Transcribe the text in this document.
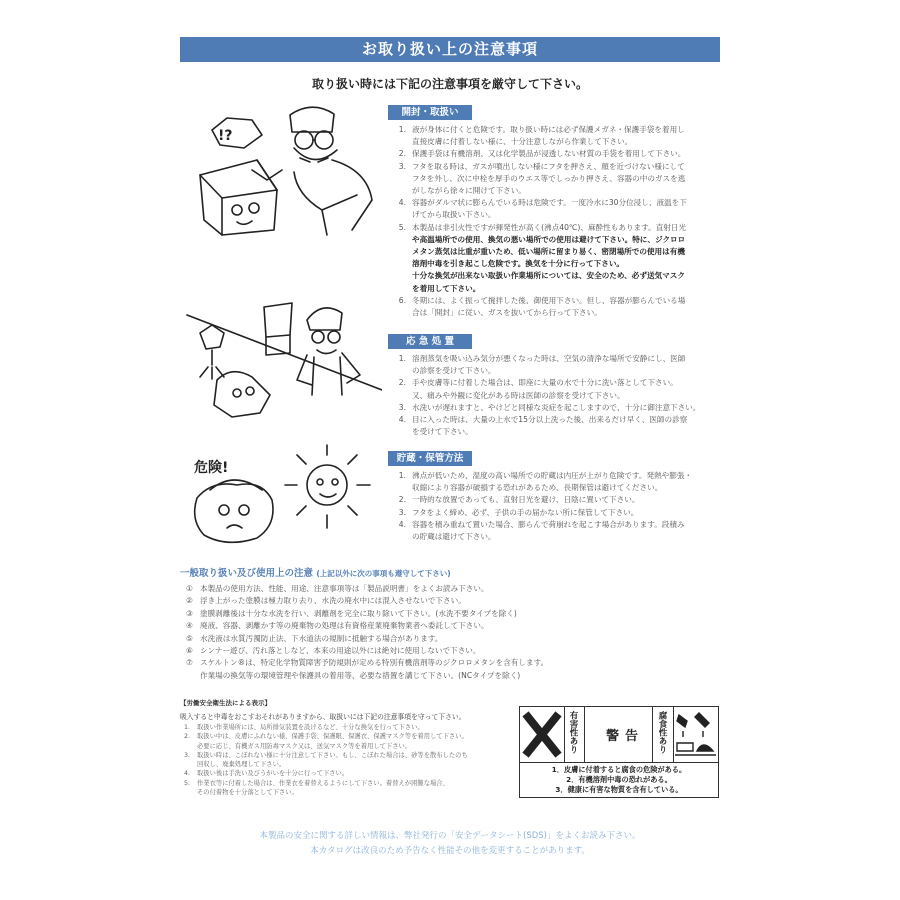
お取り扱い上の注意事項
取り扱い時には下記の注意事項を厳守して下さい。
!?
危険!
開封・取扱い
1. 液が身体に付くと危険です。取り扱い時には必ず保護メガネ・保護手袋を着用し
直接皮膚に付着しない様に、十分注意しながら作業して下さい。
2. 保護手袋は有機溶剤、又は化学製品が浸透しない材質の手袋を着用して下さい。
3. フタを取る時は、ガスが噴出しない様にフタを押さえ、顔を近づけない様にして
フタを外し、次に中栓を厚手のウエス等でしっかり押さえ、容器の中のガスを逃
がしながら徐々に開けて下さい。
4. 容器がダルマ状に膨らんでいる時は危険です。一度冷水に30分位浸し、液温を下
げてから取扱い下さい。
5. 本製品は非引火性ですが揮発性が高く(沸点40℃)、麻酔性もあります。直射日光
や高温場所での使用、換気の悪い場所での使用は避けて下さい。特に、ジクロロ
メタン蒸気は比重が重いため、低い場所に留まり易く、密閉場所での使用は有機
溶剤中毒を引き起こし危険です。換気を十分に行って下さい。
十分な換気が出来ない取扱い作業場所については、安全のため、必ず送気マスク
を着用して下さい。
6. 冬期には、よく振って撹拌した後、御使用下さい。但し、容器が膨らんでいる場
合は「開封」に従い、ガスを抜いてから行って下さい。
応 急 処 置
1. 溶剤蒸気を吸い込み気分が悪くなった時は、空気の清浄な場所で安静にし、医師
の診察を受けて下さい。
2. 手や皮膚等に付着した場合は、即座に大量の水で十分に洗い落として下さい。
又、痛みや外観に変化がある時は医師の診察を受けて下さい。
3. 水洗いが遅れますと、やけどと同様な炎症を起こしますので、十分に御注意下さい。
4. 目に入った時は、大量の上水で15分以上洗った後、出来るだけ早く、医師の診察
を受けて下さい。
貯蔵・保管方法
1. 沸点が低いため、湿度の高い場所での貯蔵は内圧が上がり危険です。発熱や膨張・
収縮により容器が破損する恐れがあるため、長期保管は避けてください。
2. 一時的な放置であっても、直射日光を避け、日陰に置いて下さい。
3. フタをよく締め、必ず、子供の手の届かない所に保管して下さい。
4. 容器を積み重ねて置いた場合、膨らんで荷崩れを起こす場合があります。段積み
の貯蔵は避けて下さい。
一般取り扱い及び使用上の注意 (上記以外に次の事項も遵守して下さい)
① 本製品の使用方法、性能、用途、注意事項等は「製品説明書」をよくお読み下さい。
② 浮き上がった塗膜は極力取り去り、水洗の廃水中には混入させないで下さい。
③ 塗膜剥離後は十分な水洗を行い、剥離剤を完全に取り除いて下さい。(水洗不要タイプを除く)
④ 廃液、容器、剥離かす等の廃棄物の処理は有資格産業廃棄物業者へ委託して下さい。
⑤ 水洗液は水質汚濁防止法、下水道法の規制に抵触する場合があります。
⑥ シンナー遊び、汚れ落としなど、本来の用途以外には絶対に使用しないで下さい。
⑦ スケルトン®は、特定化学物質障害予防規則が定める特別有機溶剤等のジクロロメタンを含有します。
作業場の換気等の環境管理や保護具の着用等、必要な措置を講じて下さい。(NCタイプを除く)
【労働安全衛生法による表示】
吸入すると中毒をおこすおそれがありますから、取扱いには下記の注意事項を守って下さい。
1. 取扱い作業場所には、局所排気装置を設けるなど、十分な換気を行って下さい。
2. 取扱い中は、皮膚にふれない様、保護手袋、保護眼、保護衣、保護マスク等を着用して下さい。
必要に応じ、有機ガス用防毒マスク又は、送気マスク等を着用して下さい。
3. 取扱い時は、こぼれない様に十分注意して下さい。もし、こぼれた場合は、砂等を散布したのち
回収し、廃棄処理して下さい。
4. 取扱い後は手洗い及びうがいを十分に行って下さい。
5. 作業衣等に付着した場合は、作業衣を着替えるようにして下さい。着替えが困難な場合、
その付着物を十分落として下さい。
有害性あり 警告 腐食性あり
1．皮膚に付着すると腐食の危険がある。
2．有機溶剤中毒の恐れがある。
3．健康に有害な物質を含有している。
本製品の安全に関する詳しい情報は、弊社発行の「安全データシート(SDS)」をよくお読み下さい。
本カタログは改良のため予告なく性能その他を変更することがあります。
